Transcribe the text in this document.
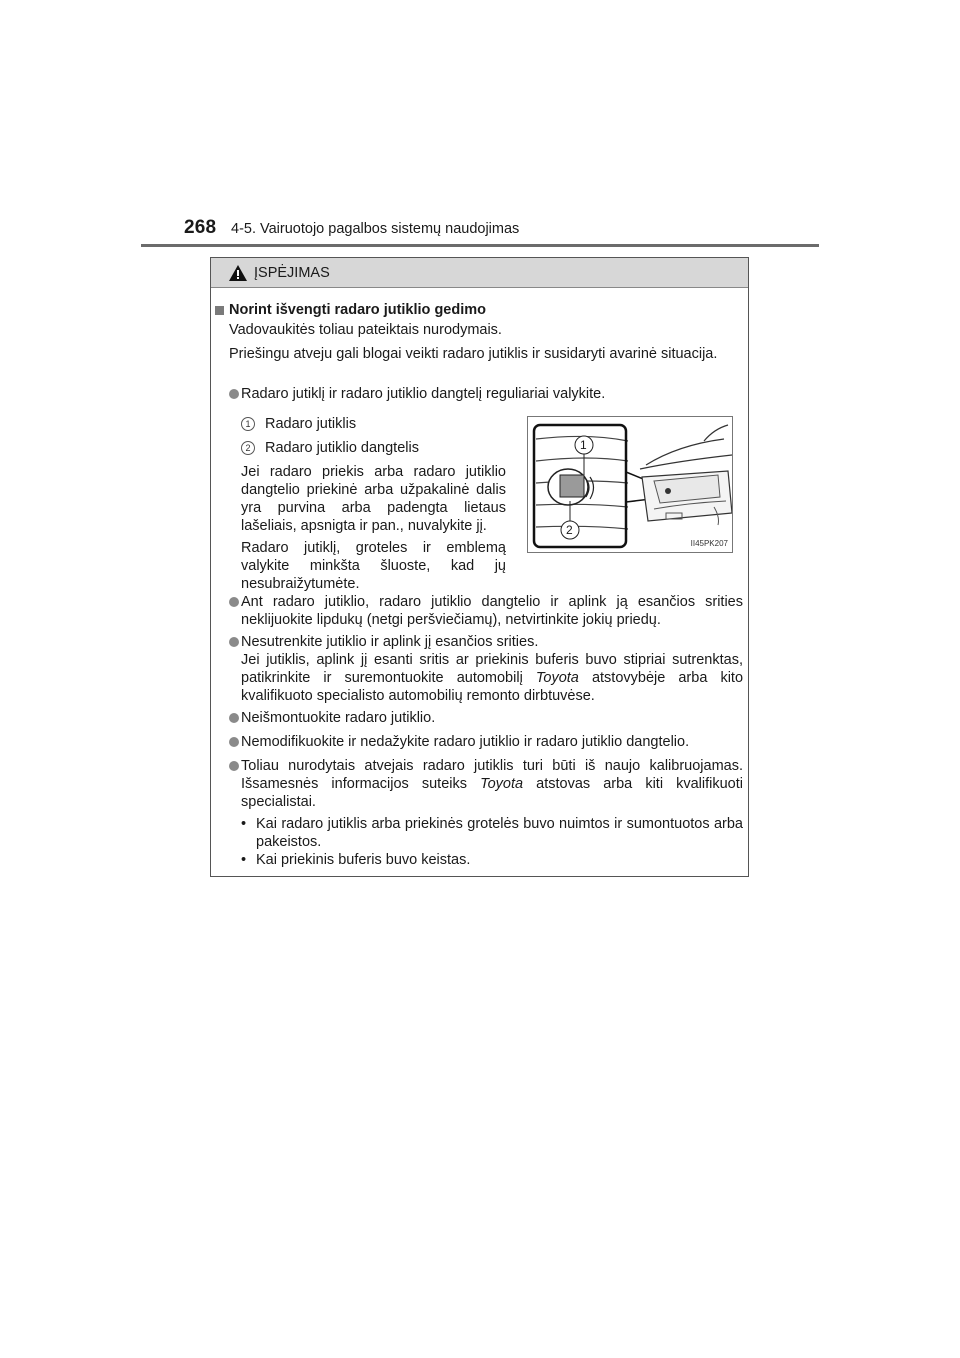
268 4-5. Vairuotojo pagalbos sistemų naudojimas
ĮSPĖJIMAS
Norint išvengti radaro jutiklio gedimo
Vadovaukitės toliau pateiktais nurodymais.
Priešingu atveju gali blogai veikti radaro jutiklis ir susidaryti avarinė situacija.
Radaro jutiklį ir radaro jutiklio dangtelį reguliariai valykite.
1	Radaro jutiklis
2	Radaro jutiklio dangtelis
Jei radaro priekis arba radaro jutiklio dangtelio priekinė arba užpakalinė dalis yra purvina arba padengta lietaus lašeliais, apsnigta ir pan., nuvalykite jį.
Radaro jutiklį, groteles ir emblemą valykite minkšta šluoste, kad jų nesubraižytumėte.
1
2
II45PK207
Ant radaro jutiklio, radaro jutiklio dangtelio ir aplink ją esančios srities neklijuokite lipdukų (netgi peršviečiamų), netvirtinkite jokių priedų.
Nesutrenkite jutiklio ir aplink jį esančios srities.
Jei jutiklis, aplink jį esanti sritis ar priekinis buferis buvo stipriai sutrenktas, patikrinkite ir suremontuokite automobilį Toyota atstovybėje arba kito kvalifikuoto specialisto automobilių remonto dirbtuvėse.
Neišmontuokite radaro jutiklio.
Nemodifikuokite ir nedažykite radaro jutiklio ir radaro jutiklio dangtelio.
Toliau nurodytais atvejais radaro jutiklis turi būti iš naujo kalibruojamas. Išsamesnės informacijos suteiks Toyota atstovas arba kiti kvalifikuoti specialistai.
• Kai radaro jutiklis arba priekinės grotelės buvo nuimtos ir sumontuotos arba pakeistos.
• Kai priekinis buferis buvo keistas.
